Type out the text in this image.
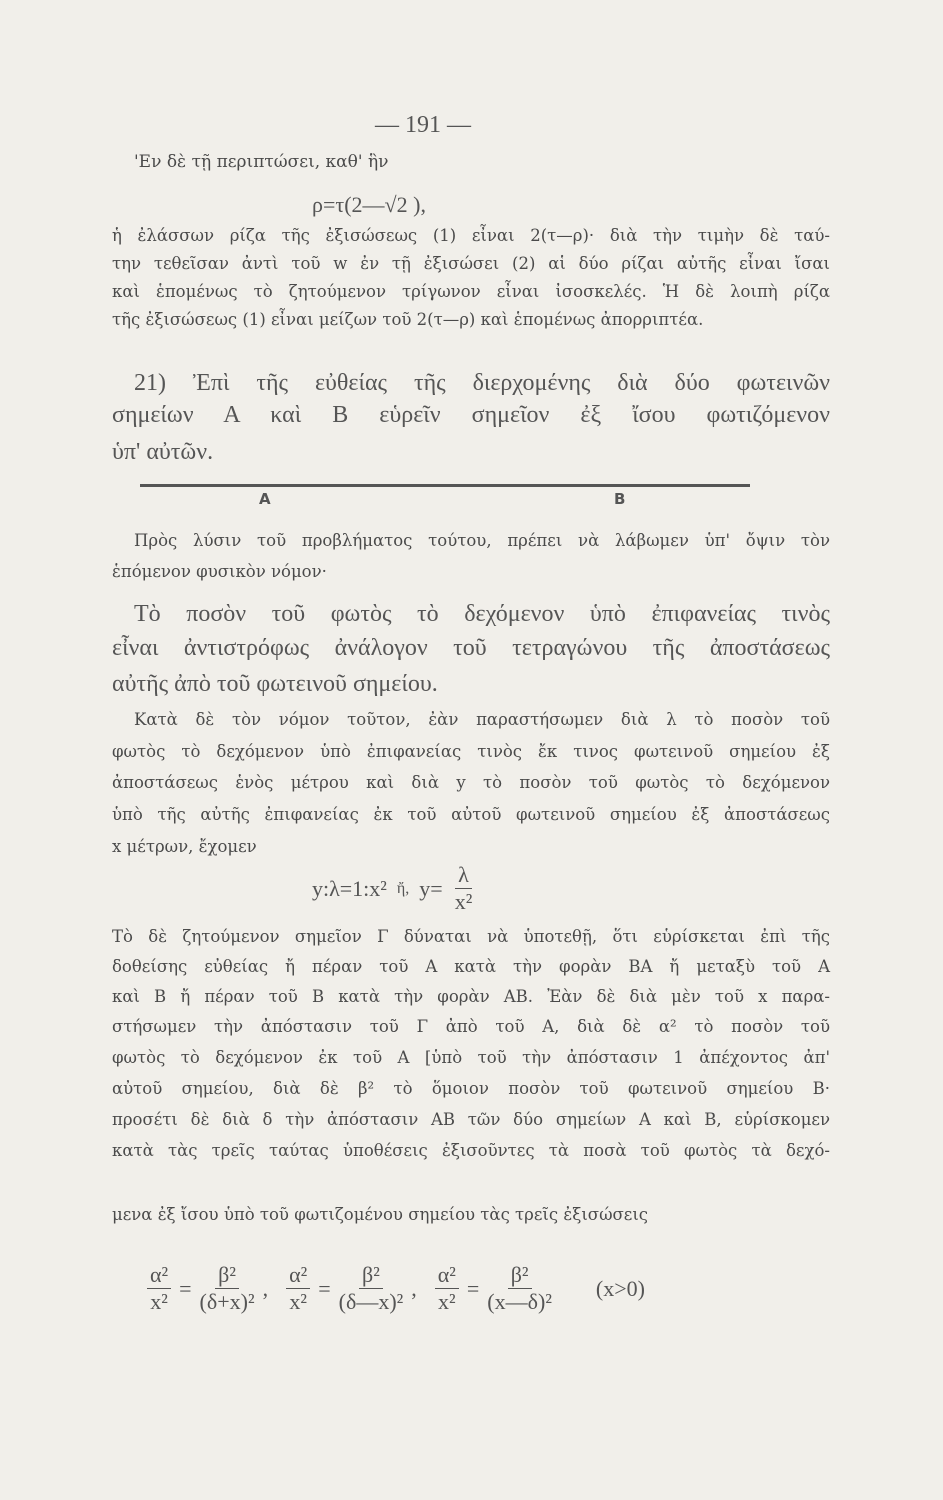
— 191 —
'Εν δὲ τῇ περιπτώσει, καθ' ἣν
ρ=τ(2—√2 ),
ἡ ἐλάσσων ρίζα τῆς ἐξισώσεως (1) εἶναι 2(τ—ρ)· διὰ τὴν τιμὴν δὲ ταύ-
την τεθεῖσαν ἀντὶ τοῦ w ἐν τῇ ἐξισώσει (2) αἱ δύο ρίζαι αὐτῆς εἶναι ἴσαι
καὶ ἑπομένως τὸ ζητούμενον τρίγωνον εἶναι ἰσοσκελές. Ἡ δὲ λοιπὴ ρίζα
τῆς ἐξισώσεως (1) εἶναι μείζων τοῦ 2(τ—ρ) καὶ ἑπομένως ἀπορριπτέα.
21) Ἐπὶ τῆς εὐθείας τῆς διερχομένης διὰ δύο φωτεινῶν
σημείων Α καὶ Β εὑρεῖν σημεῖον ἐξ ἴσου φωτιζόμενον
ὑπ' αὐτῶν.
A	B
Πρὸς λύσιν τοῦ προβλήματος τούτου, πρέπει νὰ λάβωμεν ὑπ' ὄψιν τὸν
ἑπόμενον φυσικὸν νόμον·
Τὸ ποσὸν τοῦ φωτὸς τὸ δεχόμενον ὑπὸ ἐπιφανείας τινὸς
εἶναι ἀντιστρόφως ἀνάλογον τοῦ τετραγώνου τῆς ἀποστάσεως
αὐτῆς ἀπὸ τοῦ φωτεινοῦ σημείου.
Κατὰ δὲ τὸν νόμον τοῦτον, ἐὰν παραστήσωμεν διὰ λ τὸ ποσὸν τοῦ
φωτὸς τὸ δεχόμενον ὑπὸ ἐπιφανείας τινὸς ἔκ τινος φωτεινοῦ σημείου ἐξ
ἀποστάσεως ἑνὸς μέτρου καὶ διὰ y τὸ ποσὸν τοῦ φωτὸς τὸ δεχόμενον
ὑπὸ τῆς αὐτῆς ἐπιφανείας ἐκ τοῦ αὐτοῦ φωτεινοῦ σημείου ἐξ ἀποστάσεως
x μέτρων, ἔχομεν
y:λ=1:x² ἤ, $y= \frac{\lambda}{\text{x²}}$
Τὸ δὲ ζητούμενον σημεῖον Γ δύναται νὰ ὑποτεθῇ, ὅτι εὑρίσκεται ἐπὶ τῆς
δοθείσης εὐθείας ἤ πέραν τοῦ Α κατὰ τὴν φορὰν ΒΑ ἤ μεταξὺ τοῦ Α
καὶ Β ἤ πέραν τοῦ Β κατὰ τὴν φορὰν ΑΒ. Ἐὰν δὲ διὰ μὲν τοῦ x παρα-
στήσωμεν τὴν ἀπόστασιν τοῦ Γ ἀπὸ τοῦ Α, διὰ δὲ α² τὸ ποσὸν τοῦ
φωτὸς τὸ δεχόμενον ἐκ τοῦ Α [ὑπὸ τοῦ τὴν ἀπόστασιν 1 ἀπέχοντος ἀπ'
αὐτοῦ σημείου, διὰ δὲ β² τὸ ὅμοιον ποσὸν τοῦ φωτεινοῦ σημείου Β·
προσέτι δὲ διὰ δ τὴν ἀπόστασιν AB τῶν δύο σημείων Α καὶ Β, εὑρίσκομεν
κατὰ τὰς τρεῖς ταύτας ὑποθέσεις ἐξισοῦντες τὰ ποσὰ τοῦ φωτὸς τὰ δεχό-
μενα ἐξ ἴσου ὑπὸ τοῦ φωτιζομένου σημείου τὰς τρεῖς ἐξισώσεις
$\frac{\text{α²}}{\text{x²}} = \frac{\text{β²}}{\text{(δ+x)²}}$ , $\frac{\text{α²}}{\text{x²}} = \frac{\text{β²}}{\text{(δ—x)²}}$ , $\frac{\text{α²}}{\text{x²}} = \frac{\text{β²}}{\text{(x—δ)²}} (x>0)$
